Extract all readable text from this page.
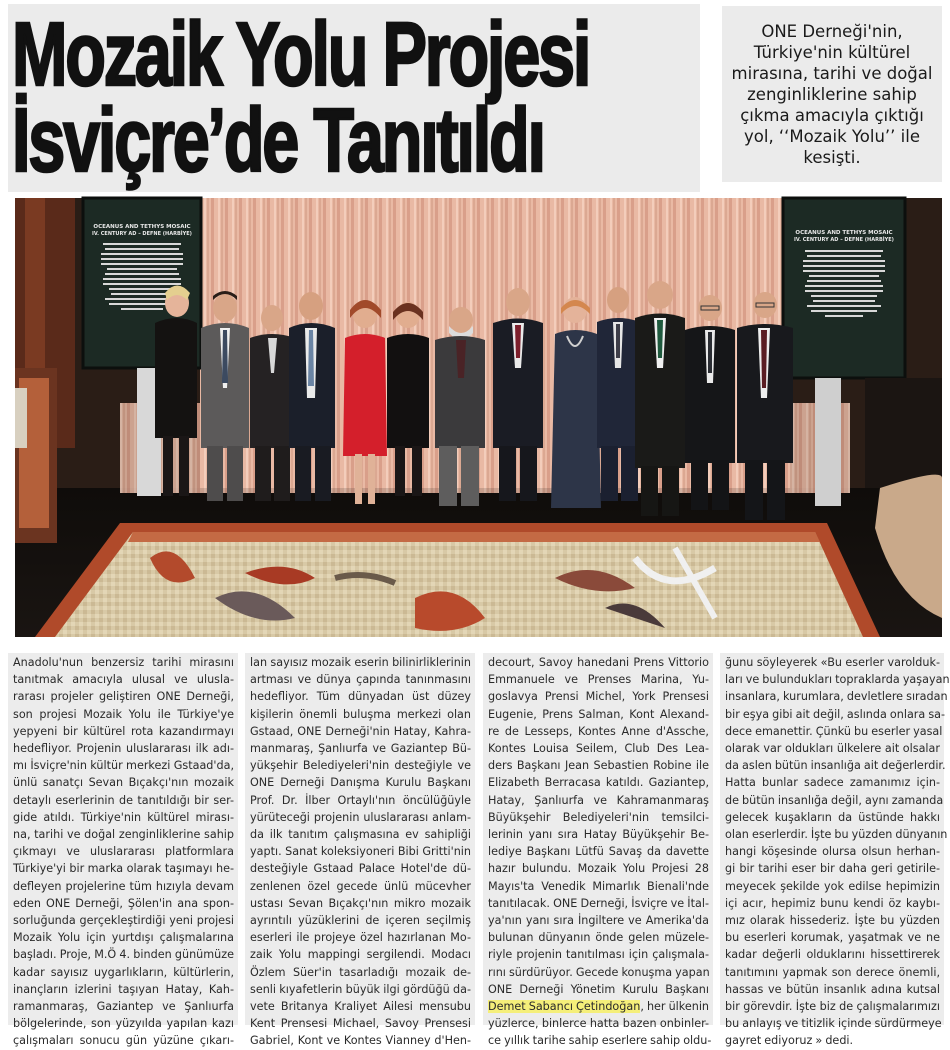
Mozaik Yolu Projesi
İsviçre’de Tanıtıldı
ONE Derneği'nin, Türkiye'nin kültürel mirasına, tarihi ve doğal zenginliklerine sahip çıkma amacıyla çıktığı yol, ‘‘Mozaik Yolu’’ ile kesişti.
OCEANUS AND TETHYS MOSAIC
IV. CENTURY AD – DEFNE (HARBİYE)	OCEANUS AND TETHYS MOSAIC
IV. CENTURY AD – DEFNE (HARBİYE)

Anadolu'nun benzersiz tarihi mirasını
tanıtmak amacıyla ulusal ve ulusla-
rarası projeler geliştiren ONE Derneği,
son projesi Mozaik Yolu ile Türkiye'ye
yepyeni bir kültürel rota kazandırmayı
hedefliyor. Projenin uluslararası ilk adı-
mı İsviçre'nin kültür merkezi Gstaad'da,
ünlü sanatçı Sevan Bıçakçı'nın mozaik
detaylı eserlerinin de tanıtıldığı bir ser-
gide atıldı. Türkiye'nin kültürel mirası-
na, tarihi ve doğal zenginliklerine sahip
çıkmayı ve uluslararası platformlara
Türkiye'yi bir marka olarak taşımayı he-
defleyen projelerine tüm hızıyla devam
eden ONE Derneği, Şölen'in ana spon-
sorluğunda gerçekleştirdiği yeni projesi
Mozaik Yolu için yurtdışı çalışmalarına
başladı. Proje, M.Ö 4. binden günümüze
kadar sayısız uygarlıkların, kültürlerin,
inançların izlerini taşıyan Hatay, Kah-
ramanmaraş, Gaziantep ve Şanlıurfa
bölgelerinde, son yüzyılda yapılan kazı
çalışmaları sonucu gün yüzüne çıkarı-

lan sayısız mozaik eserin bilinirliklerinin
artması ve dünya çapında tanınmasını
hedefliyor. Tüm dünyadan üst düzey
kişilerin önemli buluşma merkezi olan
Gstaad, ONE Derneği'nin Hatay, Kahra-
manmaraş, Şanlıurfa ve Gaziantep Bü-
yükşehir Belediyeleri'nin desteğiyle ve
ONE Derneği Danışma Kurulu Başkanı
Prof. Dr. İlber Ortaylı'nın öncülüğüyle
yürüteceği projenin uluslararası anlam-
da ilk tanıtım çalışmasına ev sahipliği
yaptı. Sanat koleksiyoneri Bibi Gritti'nin
desteğiyle Gstaad Palace Hotel'de dü-
zenlenen özel gecede ünlü mücevher
ustası Sevan Bıçakçı'nın mikro mozaik
ayrıntılı yüzüklerini de içeren seçilmiş
eserleri ile projeye özel hazırlanan Mo-
zaik Yolu mappingi sergilendi. Modacı
Özlem Süer'in tasarladığı mozaik de-
senli kıyafetlerin büyük ilgi gördüğü da-
vete Britanya Kraliyet Ailesi mensubu
Kent Prensesi Michael, Savoy Prensesi
Gabriel, Kont ve Kontes Vianney d'Hen-

decourt, Savoy hanedani Prens Vittorio
Emmanuele ve Prenses Marina, Yu-
goslavya Prensi Michel, York Prensesi
Eugenie, Prens Salman, Kont Alexand-
re de Lesseps, Kontes Anne d'Assche,
Kontes Louisa Seilem, Club Des Lea-
ders Başkanı Jean Sebastien Robine ile
Elizabeth Berracasa katıldı. Gaziantep,
Hatay, Şanlıurfa ve Kahramanmaraş
Büyükşehir Belediyeleri'nin temsilci-
lerinin yanı sıra Hatay Büyükşehir Be-
lediye Başkanı Lütfü Savaş da davette
hazır bulundu. Mozaik Yolu Projesi 28
Mayıs'ta Venedik Mimarlık Bienali'nde
tanıtılacak. ONE Derneği, İsviçre ve İtal-
ya'nın yanı sıra İngiltere ve Amerika'da
bulunan dünyanın önde gelen müzele-
riyle projenin tanıtılması için çalışmala-
rını sürdürüyor. Gecede konuşma yapan
ONE Derneği Yönetim Kurulu Başkanı
Demet Sabancı Çetindoğan, her ülkenin
yüzlerce, binlerce hatta bazen onbinler-
ce yıllık tarihe sahip eserlere sahip oldu-

ğunu söyleyerek «Bu eserler varolduk-
ları ve bulundukları topraklarda yaşayan
insanlara, kurumlara, devletlere sıradan
bir eşya gibi ait değil, aslında onlara sa-
dece emanettir. Çünkü bu eserler yasal
olarak var oldukları ülkelere ait olsalar
da aslen bütün insanlığa ait değerlerdir.
Hatta bunlar sadece zamanımız için-
de bütün insanlığa değil, aynı zamanda
gelecek kuşakların da üstünde hakkı
olan eserlerdir. İşte bu yüzden dünyanın
hangi köşesinde olursa olsun herhan-
gi bir tarihi eser bir daha geri getirile-
meyecek şekilde yok edilse hepimizin
içi acır, hepimiz bunu kendi öz kaybı-
mız olarak hissederiz. İşte bu yüzden
bu eserleri korumak, yaşatmak ve ne
kadar değerli olduklarını hissettirerek
tanıtımını yapmak son derece önemli,
hassas ve bütün insanlık adına kutsal
bir görevdir. İşte biz de çalışmalarımızı
bu anlayış ve titizlik içinde sürdürmeye
gayret ediyoruz » dedi.
